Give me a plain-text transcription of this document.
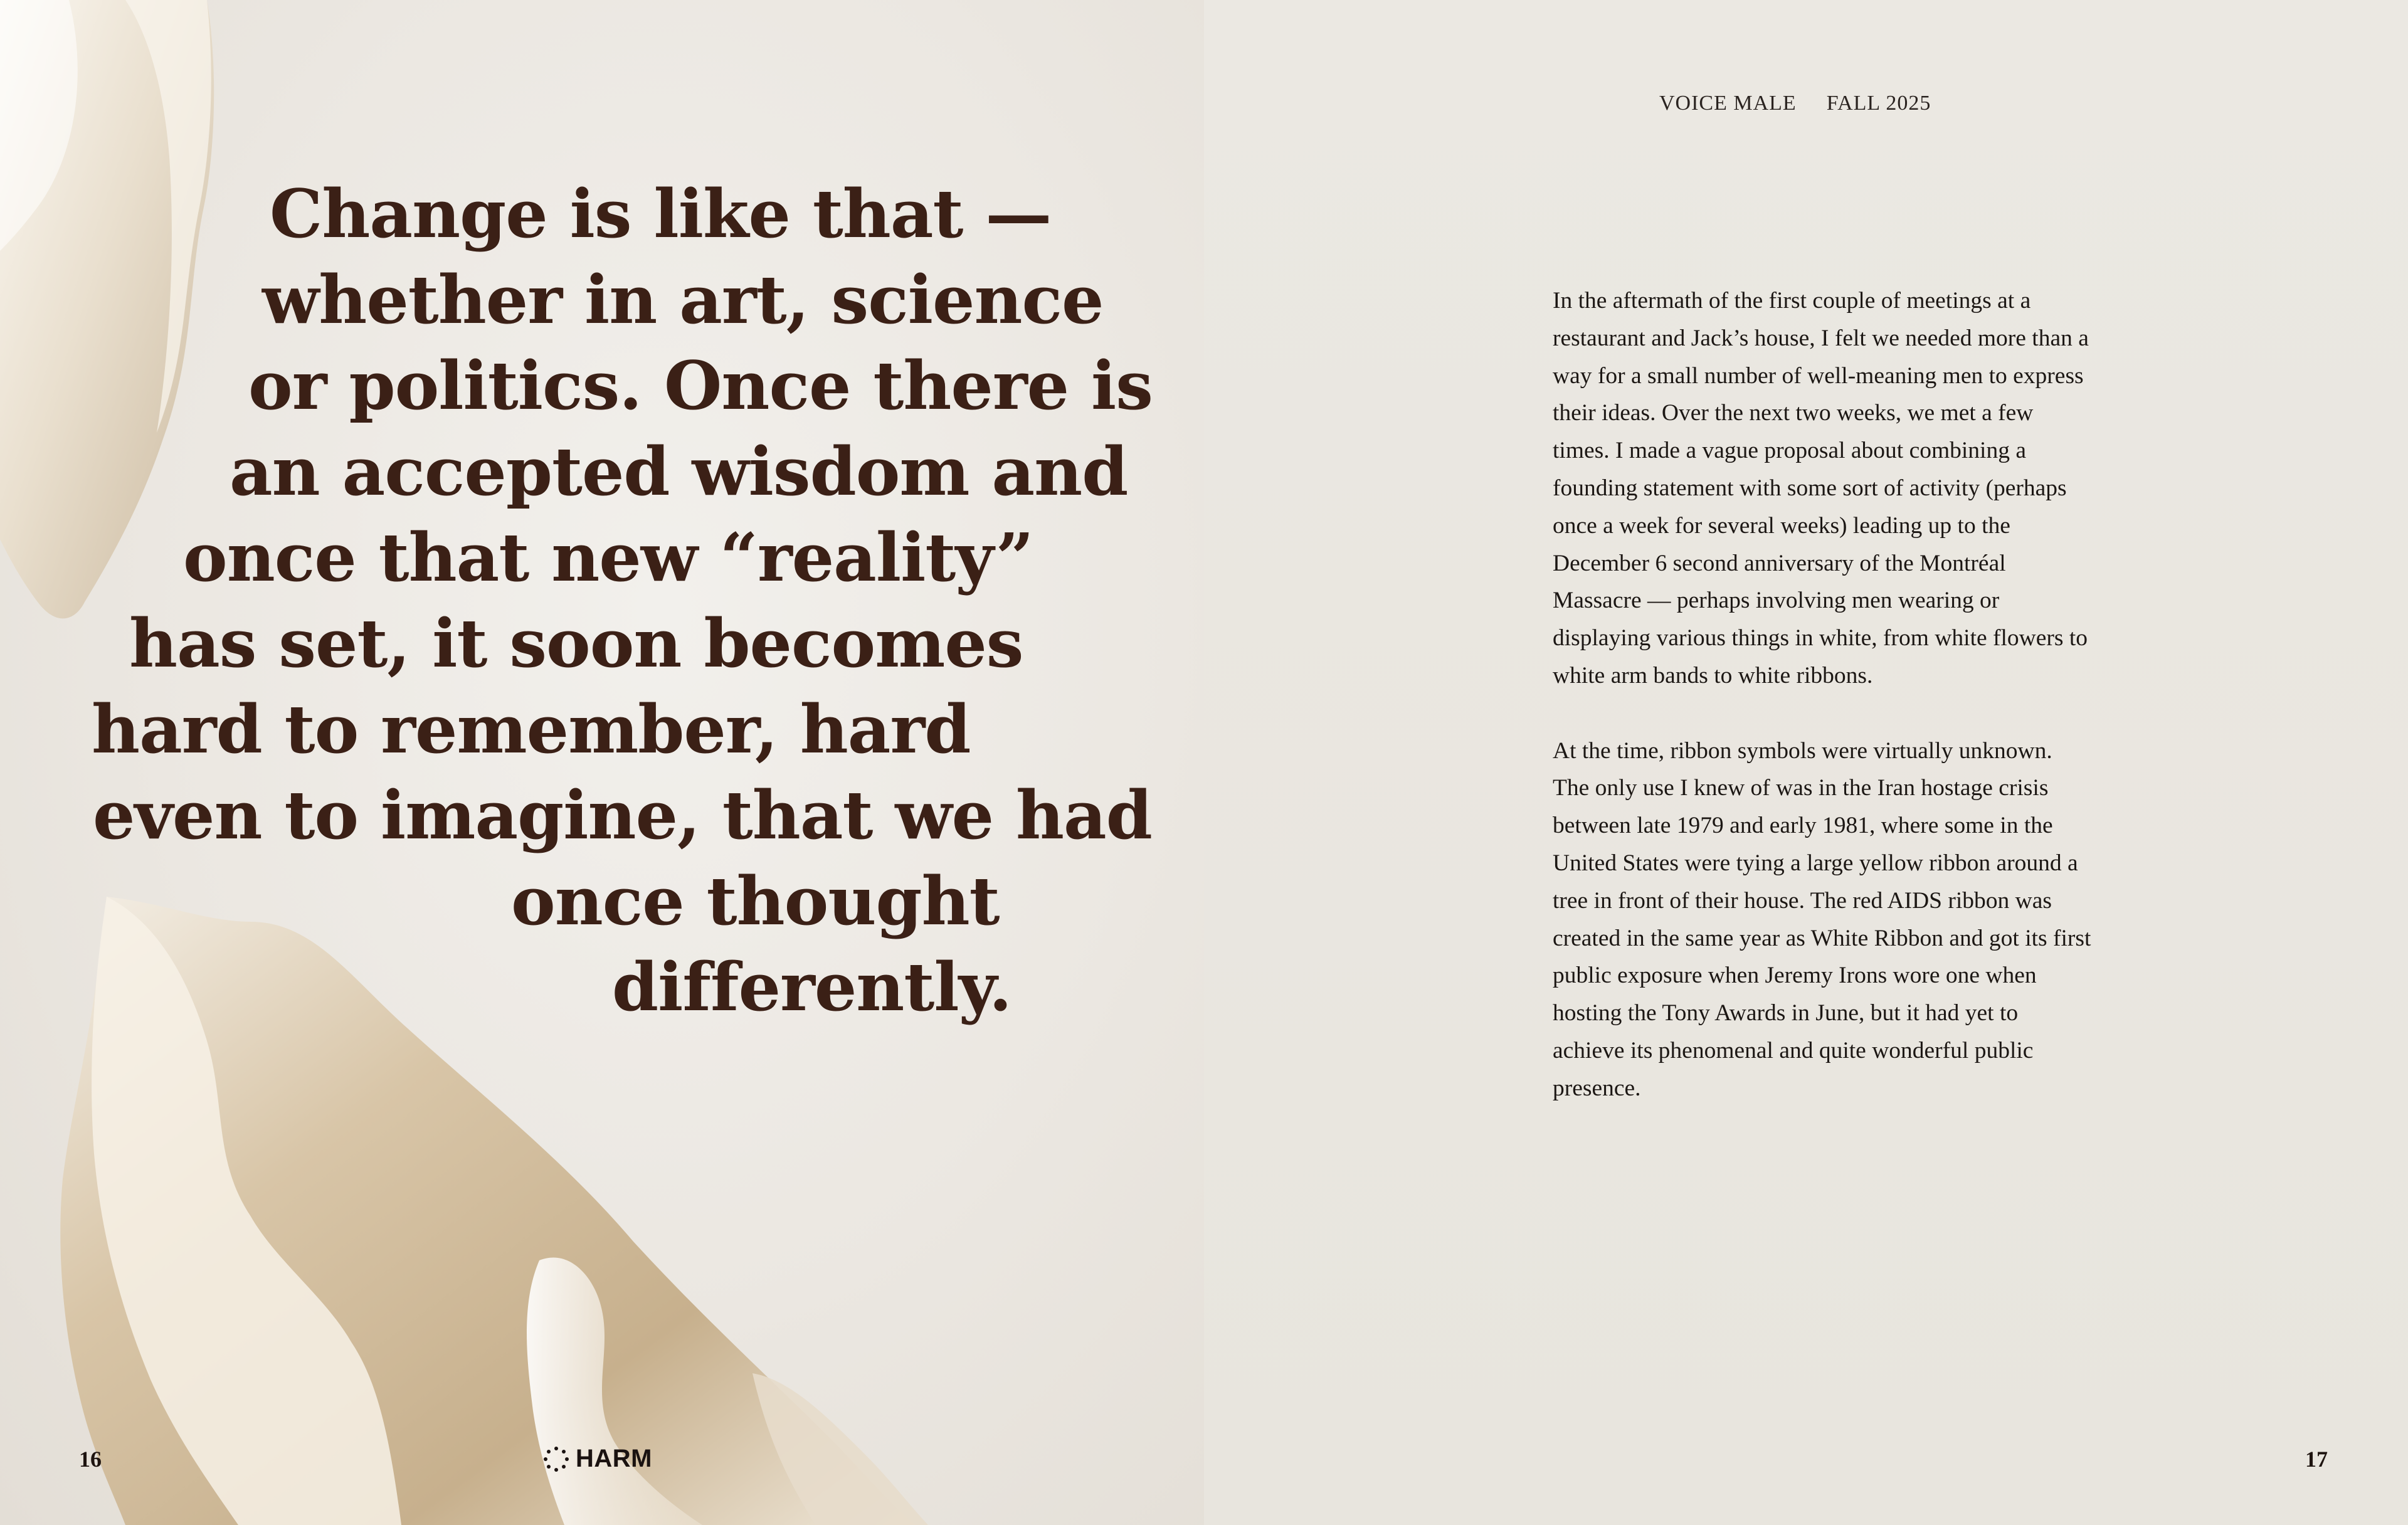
Change is like that —
whether in art, science
or politics. Once there is
an accepted wisdom and
once that new “reality”
has set, it soon becomes
hard to remember, hard
even to imagine, that we had
once thought
differently.
16	HARM
VOICE MALE FALL 2025

In the aftermath of the first couple of meetings at a restaurant and Jack’s house, I felt we needed more than a way for a small number of well-meaning men to express their ideas. Over the next two weeks, we met a few times. I made a vague proposal about combining a founding statement with some sort of activity (perhaps once a week for several weeks) leading up to the December 6 second anniversary of the Montréal Massacre — perhaps involving men wearing or displaying various things in white, from white flowers to white arm bands to white ribbons.

At the time, ribbon symbols were virtually unknown. The only use I knew of was in the Iran hostage crisis between late 1979 and early 1981, where some in the United States were tying a large yellow ribbon around a tree in front of their house. The red AIDS ribbon was created in the same year as White Ribbon and got its first public exposure when Jeremy Irons wore one when hosting the Tony Awards in June, but it had yet to achieve its phenomenal and quite wonderful public presence.

17
